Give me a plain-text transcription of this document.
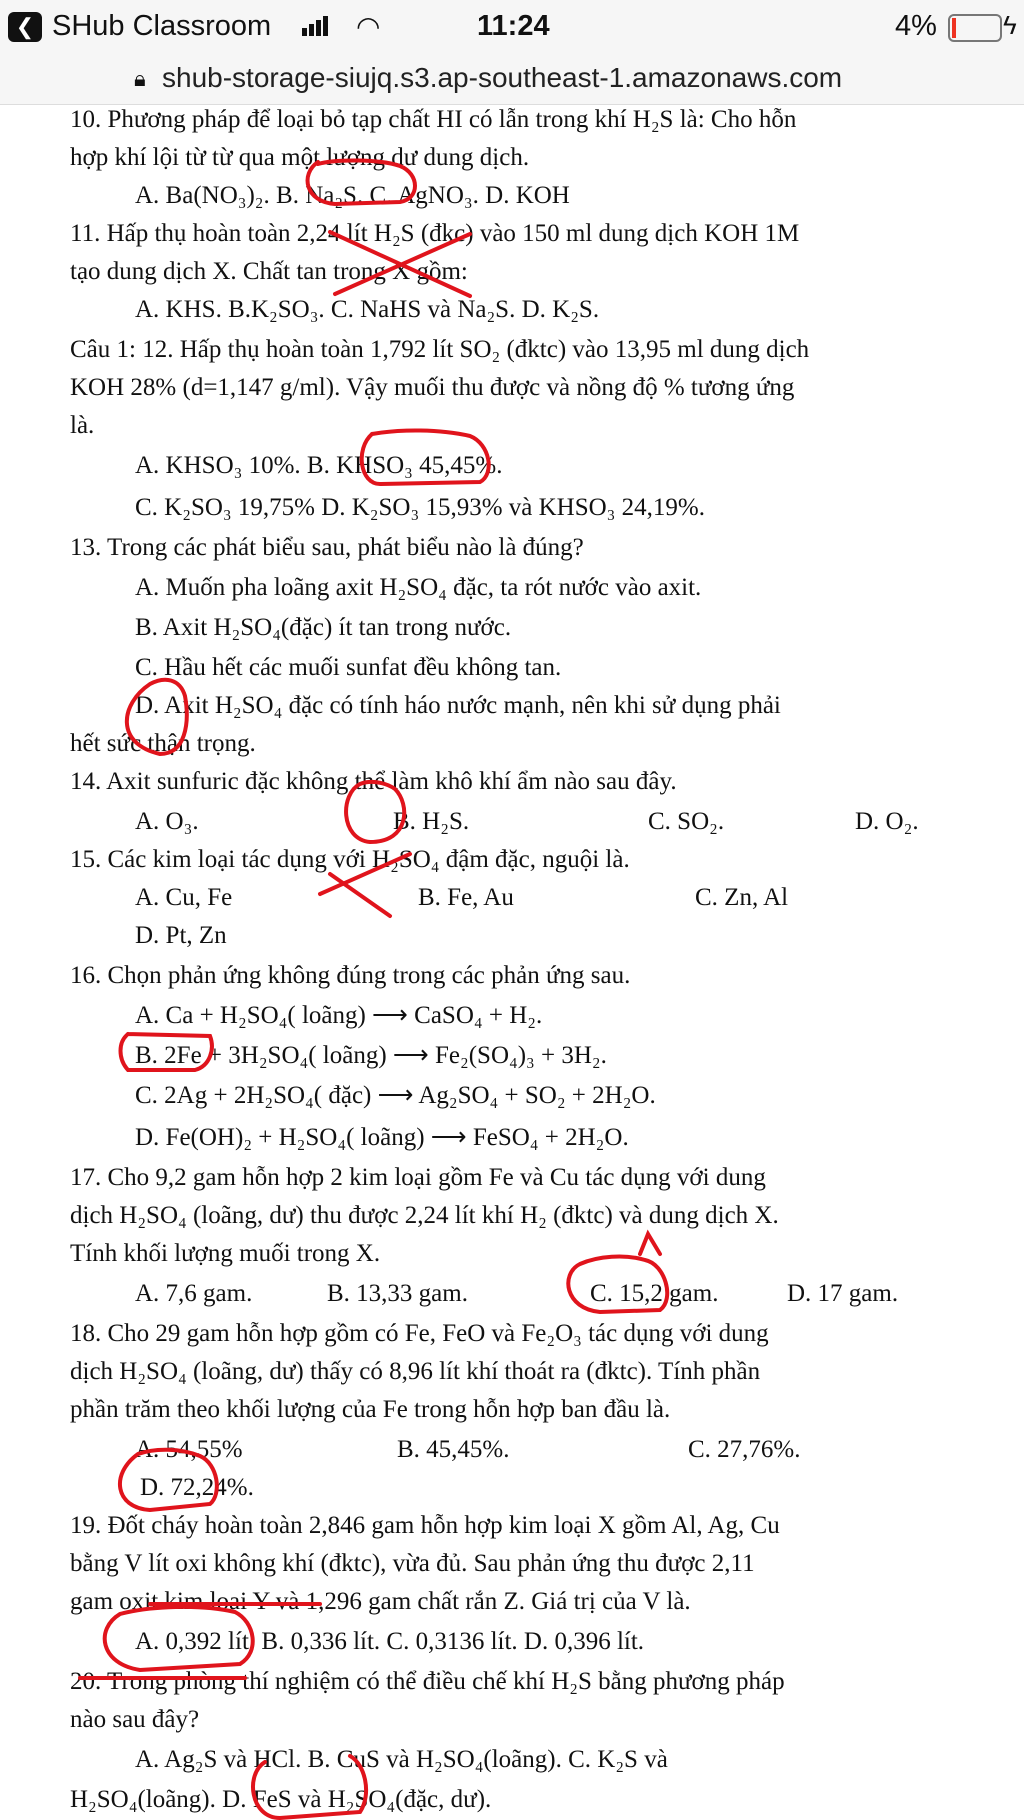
❮ SHub Classroom	◠	11:24	4%	ϟ
🔒︎ shub-storage-siujq.s3.ap-southeast-1.amazonaws.com
10. Phương pháp để loại bỏ tạp chất HI có lẫn trong khí H₂S là: Cho hỗn
hợp khí lội từ từ qua một lượng dư dung dịch.
A. Ba(NO₃)₂. B. Na₂S. C. AgNO₃. D. KOH
11. Hấp thụ hoàn toàn 2,24 lít H₂S (đkc) vào 150 ml dung dịch KOH 1M
tạo dung dịch X. Chất tan trong X gồm:
A. KHS. B.K₂SO₃. C. NaHS và Na₂S. D. K₂S.
Câu 1: 12. Hấp thụ hoàn toàn 1,792 lít SO₂ (đktc) vào 13,95 ml dung dịch
KOH 28% (d=1,147 g/ml). Vậy muối thu được và nồng độ % tương ứng
là.
A. KHSO₃ 10%. B. KHSO₃ 45,45%.
C. K₂SO₃ 19,75% D. K₂SO₃ 15,93% và KHSO₃ 24,19%.
13. Trong các phát biểu sau, phát biểu nào là đúng?
A. Muốn pha loãng axit H₂SO₄ đặc, ta rót nước vào axit.
B. Axit H₂SO₄(đặc) ít tan trong nước.
C. Hầu hết các muối sunfat đều không tan.
D. Axit H₂SO₄ đặc có tính háo nước mạnh, nên khi sử dụng phải
hết sức thận trọng.
14. Axit sunfuric đặc không thể làm khô khí ẩm nào sau đây.
A. O₃.	B. H₂S.	C. SO₂.	D. O₂.
15. Các kim loại tác dụng với H₂SO₄ đậm đặc, nguội là.
A. Cu, Fe	B. Fe, Au	C. Zn, Al
D. Pt, Zn
16. Chọn phản ứng không đúng trong các phản ứng sau.
A. Ca + H₂SO₄( loãng) ⟶ CaSO₄ + H₂.
B. 2Fe + 3H₂SO₄( loãng) ⟶ Fe₂(SO₄)₃ + 3H₂.
C. 2Ag + 2H₂SO₄( đặc) ⟶ Ag₂SO₄ + SO₂ + 2H₂O.
D. Fe(OH)₂ + H₂SO₄( loãng) ⟶ FeSO₄ + 2H₂O.
17. Cho 9,2 gam hỗn hợp 2 kim loại gồm Fe và Cu tác dụng với dung
dịch H₂SO₄ (loãng, dư) thu được 2,24 lít khí H₂ (đktc) và dung dịch X.
Tính khối lượng muối trong X.
A. 7,6 gam.	B. 13,33 gam.	C. 15,2 gam.	D. 17 gam.
18. Cho 29 gam hỗn hợp gồm có Fe, FeO và Fe₂O₃ tác dụng với dung
dịch H₂SO₄ (loãng, dư) thấy có 8,96 lít khí thoát ra (đktc). Tính phần
phần trăm theo khối lượng của Fe trong hỗn hợp ban đầu là.
A. 54,55%	B. 45,45%.	C. 27,76%.
D. 72,24%.
19. Đốt cháy hoàn toàn 2,846 gam hỗn hợp kim loại X gồm Al, Ag, Cu
bằng V lít oxi không khí (đktc), vừa đủ. Sau phản ứng thu được 2,11
gam oxit kim loại Y và 1,296 gam chất rắn Z. Giá trị của V là.
A. 0,392 lít. B. 0,336 lít. C. 0,3136 lít. D. 0,396 lít.
20. Trong phòng thí nghiệm có thể điều chế khí H₂S bằng phương pháp
nào sau đây?
A. Ag₂S và HCl. B. CuS và H₂SO₄(loãng). C. K₂S và
H₂SO₄(loãng). D. FeS và H₂SO₄(đặc, dư).
